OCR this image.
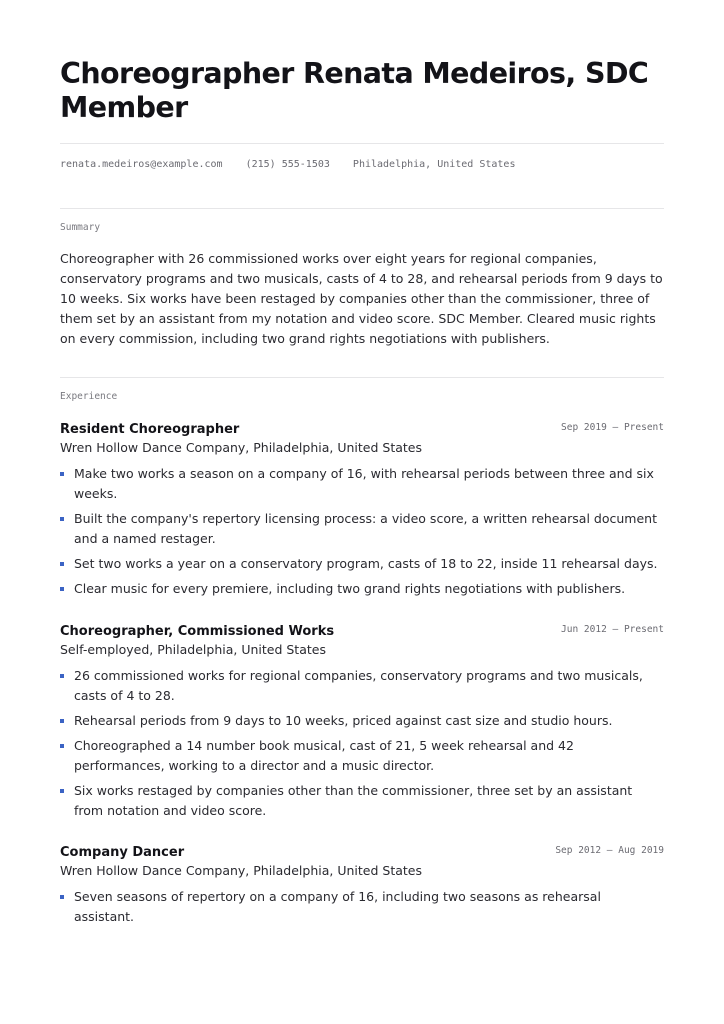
Choreographer Renata Medeiros, SDC Member
renata.medeiros@example.com (215) 555-1503 Philadelphia, United States
Summary

Choreographer with 26 commissioned works over eight years for regional companies, conservatory programs and two musicals, casts of 4 to 28, and rehearsal periods from 9 days to 10 weeks. Six works have been restaged by companies other than the commissioner, three of them set by an assistant from my notation and video score. SDC Member. Cleared music rights on every commission, including two grand rights negotiations with publishers.

Experience
Resident Choreographer	Sep 2019 – Present
Wren Hollow Dance Company, Philadelphia, United States
Make two works a season on a company of 16, with rehearsal periods between three and six weeks.
Built the company's repertory licensing process: a video score, a written rehearsal document and a named restager.
Set two works a year on a conservatory program, casts of 18 to 22, inside 11 rehearsal days.
Clear music for every premiere, including two grand rights negotiations with publishers.
Choreographer, Commissioned Works	Jun 2012 – Present
Self-employed, Philadelphia, United States
26 commissioned works for regional companies, conservatory programs and two musicals, casts of 4 to 28.
Rehearsal periods from 9 days to 10 weeks, priced against cast size and studio hours.
Choreographed a 14 number book musical, cast of 21, 5 week rehearsal and 42 performances, working to a director and a music director.
Six works restaged by companies other than the commissioner, three set by an assistant from notation and video score.
Company Dancer	Sep 2012 – Aug 2019
Wren Hollow Dance Company, Philadelphia, United States
Seven seasons of repertory on a company of 16, including two seasons as rehearsal assistant.
